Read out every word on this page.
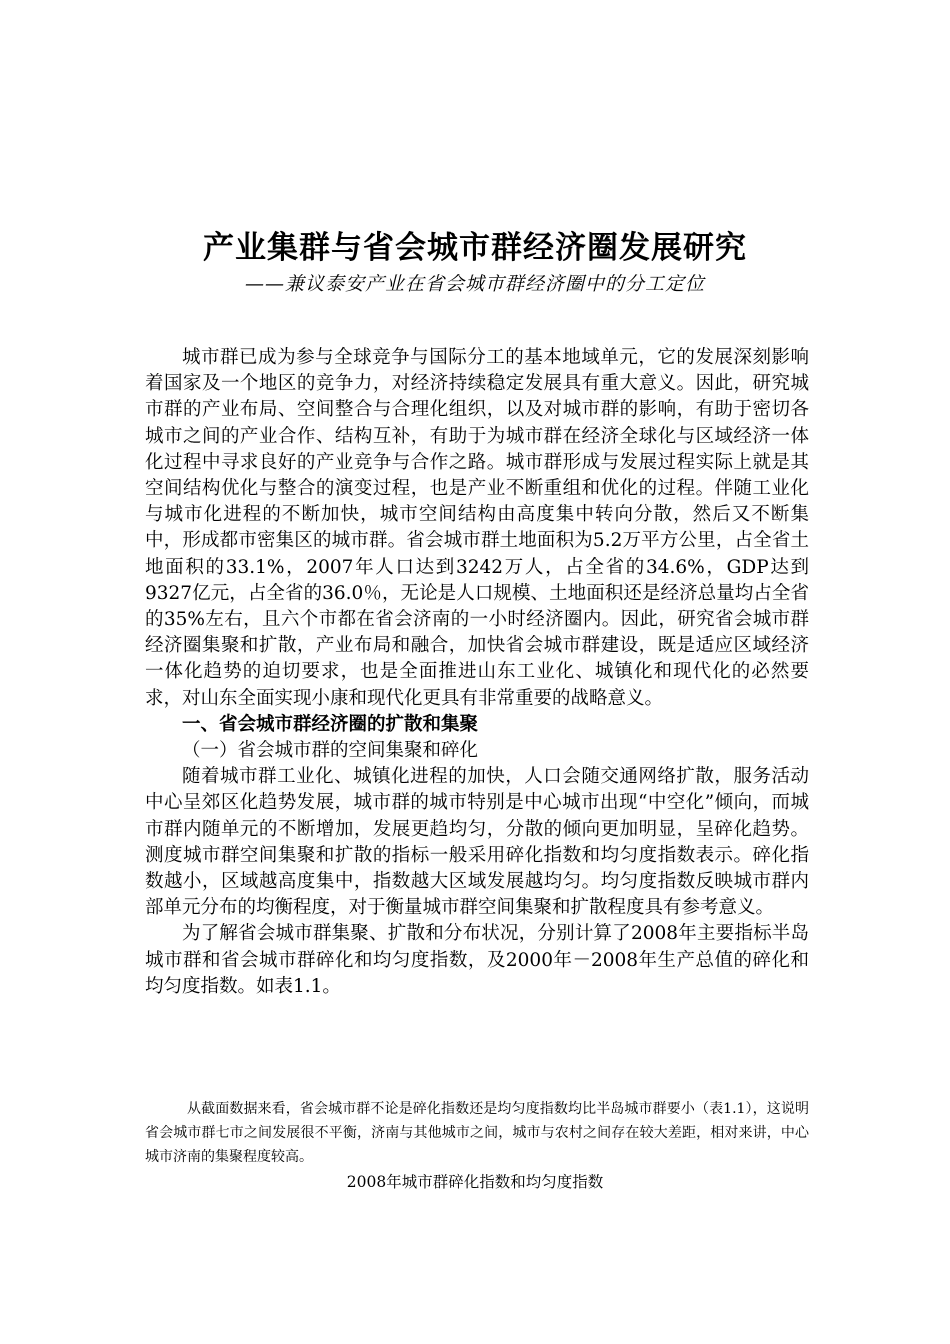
产业集群与省会城市群经济圈发展研究

——兼议泰安产业在省会城市群经济圈中的分工定位

城市群已成为参与全球竞争与国际分工的基本地域单元，它的发展深刻影响着国家及一个地区的竞争力，对经济持续稳定发展具有重大意义。因此，研究城市群的产业布局、空间整合与合理化组织，以及对城市群的影响，有助于密切各城市之间的产业合作、结构互补，有助于为城市群在经济全球化与区域经济一体化过程中寻求良好的产业竞争与合作之路。城市群形成与发展过程实际上就是其空间结构优化与整合的演变过程，也是产业不断重组和优化的过程。伴随工业化与城市化进程的不断加快，城市空间结构由高度集中转向分散，然后又不断集中，形成都市密集区的城市群。省会城市群土地面积为5.2万平方公里，占全省土地面积的33.1%，2007年人口达到3242万人，占全省的34.6%，GDP达到9327亿元，占全省的36.0％，无论是人口规模、土地面积还是经济总量均占全省的35%左右，且六个市都在省会济南的一小时经济圈内。因此，研究省会城市群经济圈集聚和扩散，产业布局和融合，加快省会城市群建设，既是适应区域经济一体化趋势的迫切要求，也是全面推进山东工业化、城镇化和现代化的必然要求，对山东全面实现小康和现代化更具有非常重要的战略意义。

一、省会城市群经济圈的扩散和集聚

（一）省会城市群的空间集聚和碎化

随着城市群工业化、城镇化进程的加快，人口会随交通网络扩散，服务活动中心呈郊区化趋势发展，城市群的城市特别是中心城市出现“中空化”倾向，而城市群内随单元的不断增加，发展更趋均匀，分散的倾向更加明显，呈碎化趋势。测度城市群空间集聚和扩散的指标一般采用碎化指数和均匀度指数表示。碎化指数越小，区域越高度集中，指数越大区域发展越均匀。均匀度指数反映城市群内部单元分布的均衡程度，对于衡量城市群空间集聚和扩散程度具有参考意义。

为了解省会城市群集聚、扩散和分布状况，分别计算了2008年主要指标半岛城市群和省会城市群碎化和均匀度指数，及2000年－2008年生产总值的碎化和均匀度指数。如表1.1。

从截面数据来看，省会城市群不论是碎化指数还是均匀度指数均比半岛城市群要小（表1.1），这说明省会城市群七市之间发展很不平衡，济南与其他城市之间，城市与农村之间存在较大差距，相对来讲，中心城市济南的集聚程度较高。

2008年城市群碎化指数和均匀度指数
